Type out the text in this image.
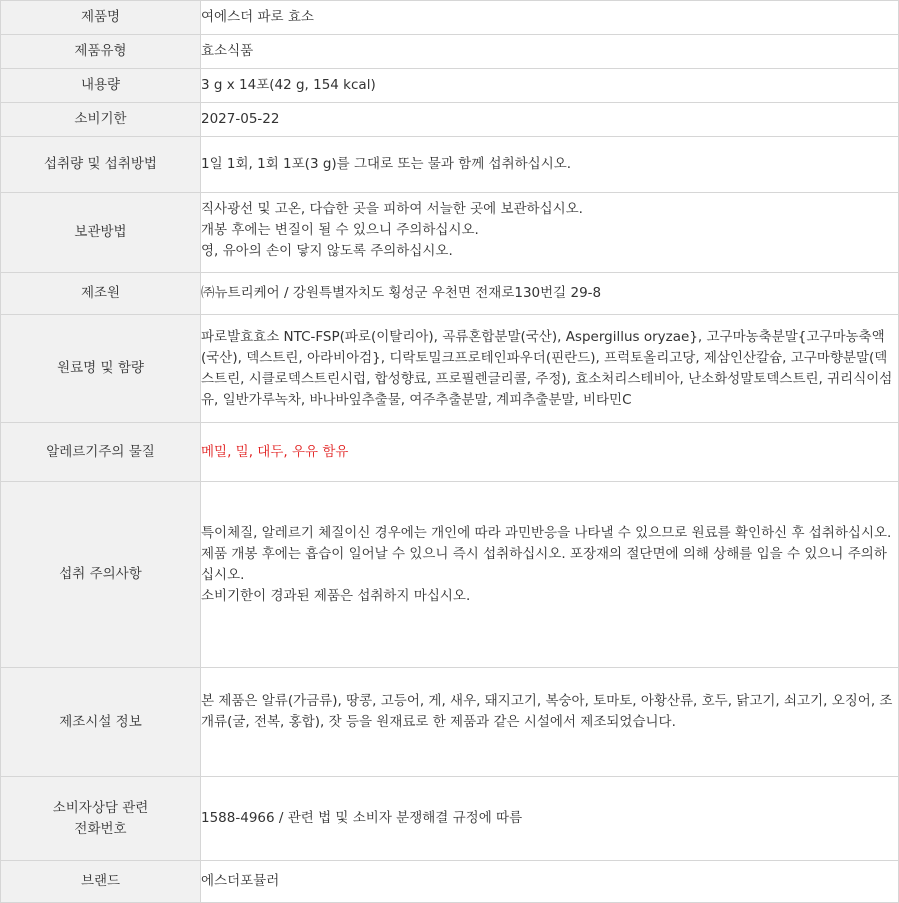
제품명	여에스더 파로 효소
제품유형	효소식품
내용량	3 g x 14포(42 g, 154 kcal)
소비기한	2027-05-22
섭취량 및 섭취방법	1일 1회, 1회 1포(3 g)를 그대로 또는 물과 함께 섭취하십시오.
보관방법	직사광선 및 고온, 다습한 곳을 피하여 서늘한 곳에 보관하십시오.
개봉 후에는 변질이 될 수 있으니 주의하십시오.
영, 유아의 손이 닿지 않도록 주의하십시오.

제조원	㈜뉴트리케어 / 강원특별자치도 횡성군 우천면 전재로130번길 29-8
원료명 및 함량	파로발효효소 NTC-FSP(파로(이탈리아), 곡류혼합분말(국산), Aspergillus oryzae}, 고구마농축분말{고구마농축액(국산), 덱스트린, 아라비아검}, 디락토밀크프로테인파우더(핀란드), 프럭토올리고당, 제삼인산칼슘, 고구마향분말(덱스트린, 시클로덱스트린시럽, 합성향료, 프로필렌글리콜, 주정), 효소처리스테비아, 난소화성말토덱스트린, 귀리식이섬유, 일반가루녹차, 바나바잎추출물, 여주추출분말, 계피추출분말, 비타민C
알레르기주의 물질	메밀, 밀, 대두, 우유 함유
섭취 주의사항	특이체질, 알레르기 체질이신 경우에는 개인에 따라 과민반응을 나타낼 수 있으므로 원료를 확인하신 후 섭취하십시오.
제품 개봉 후에는 흡습이 일어날 수 있으니 즉시 섭취하십시오. 포장재의 절단면에 의해 상해를 입을 수 있으니 주의하십시오.
소비기한이 경과된 제품은 섭취하지 마십시오.

제조시설 정보	본 제품은 알류(가금류), 땅콩, 고등어, 게, 새우, 돼지고기, 복숭아, 토마토, 아황산류, 호두, 닭고기, 쇠고기, 오징어, 조개류(굴, 전복, 홍합), 잣 등을 원재료로 한 제품과 같은 시설에서 제조되었습니다.

소비자상담 관련
전화번호	1588-4966 / 관련 법 및 소비자 분쟁해결 규정에 따름
브랜드	에스더포뮬러
